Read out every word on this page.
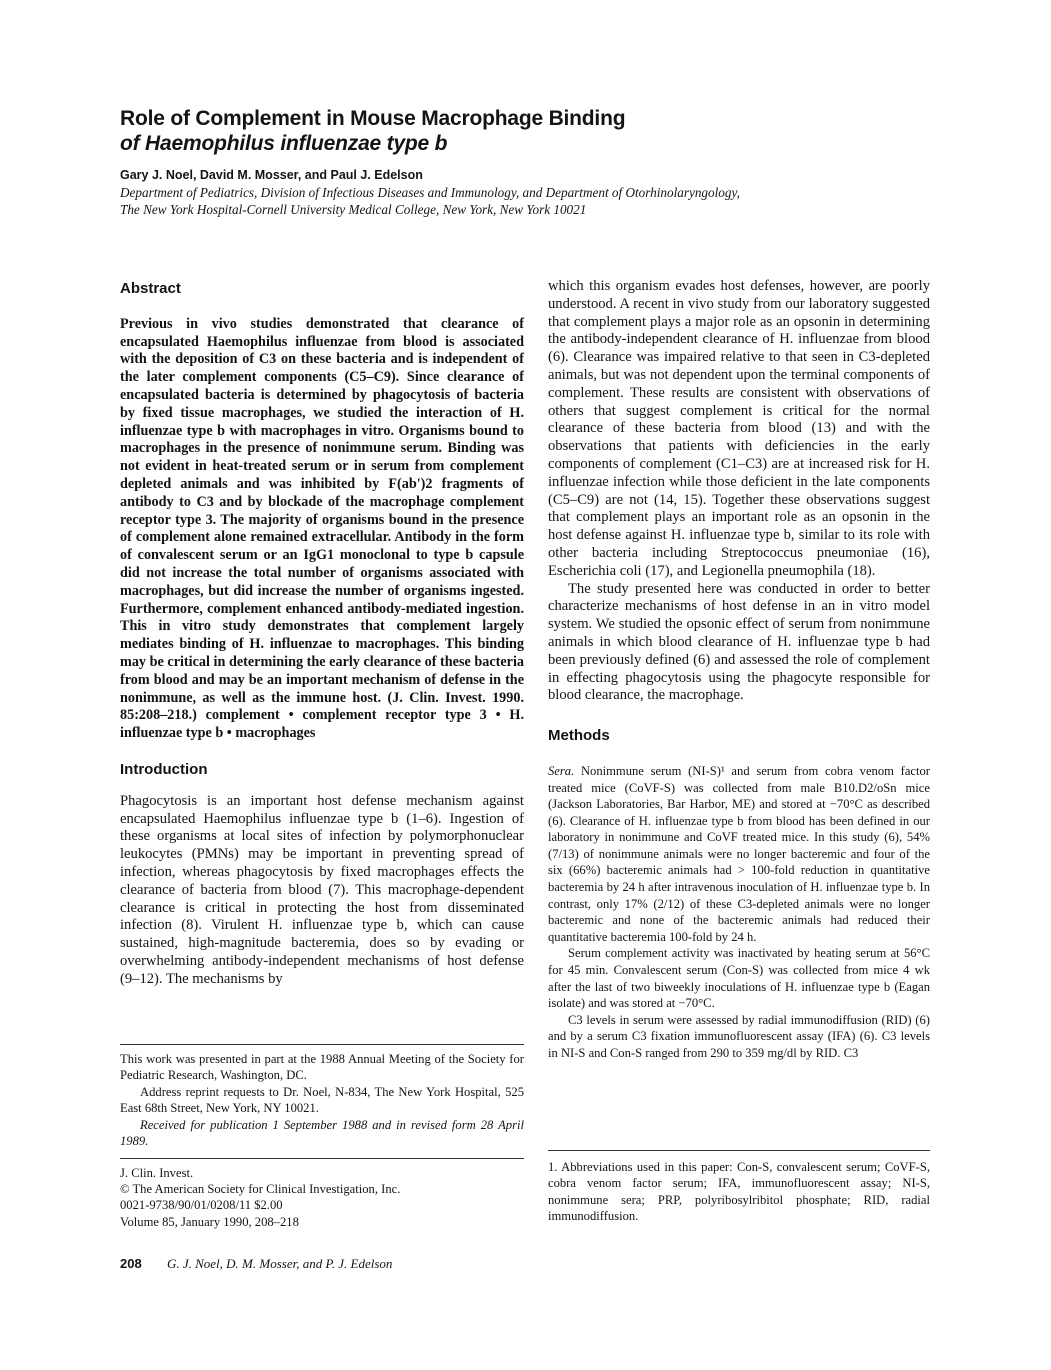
Role of Complement in Mouse Macrophage Binding
of Haemophilus influenzae type b
Gary J. Noel, David M. Mosser, and Paul J. Edelson
Department of Pediatrics, Division of Infectious Diseases and Immunology, and Department of Otorhinolaryngology,
The New York Hospital-Cornell University Medical College, New York, New York 10021
Abstract

Previous in vivo studies demonstrated that clearance of encapsulated Haemophilus influenzae from blood is associated with the deposition of C3 on these bacteria and is independent of the later complement components (C5–C9). Since clearance of encapsulated bacteria is determined by phagocytosis of bacteria by fixed tissue macrophages, we studied the interaction of H. influenzae type b with macrophages in vitro. Organisms bound to macrophages in the presence of nonimmune serum. Binding was not evident in heat-treated serum or in serum from complement depleted animals and was inhibited by F(ab')2 fragments of antibody to C3 and by blockade of the macrophage complement receptor type 3. The majority of organisms bound in the presence of complement alone remained extracellular. Antibody in the form of convalescent serum or an IgG1 monoclonal to type b capsule did not increase the total number of organisms associated with macrophages, but did increase the number of organisms ingested. Furthermore, complement enhanced antibody-mediated ingestion. This in vitro study demonstrates that complement largely mediates binding of H. influenzae to macrophages. This binding may be critical in determining the early clearance of these bacteria from blood and may be an important mechanism of defense in the nonimmune, as well as the immune host. (J. Clin. Invest. 1990. 85:208–218.) complement • complement receptor type 3 • H. influenzae type b • macrophages

Introduction

Phagocytosis is an important host defense mechanism against encapsulated Haemophilus influenzae type b (1–6). Ingestion of these organisms at local sites of infection by polymorphonuclear leukocytes (PMNs) may be important in preventing spread of infection, whereas phagocytosis by fixed macrophages effects the clearance of bacteria from blood (7). This macrophage-dependent clearance is critical in protecting the host from disseminated infection (8). Virulent H. influenzae type b, which can cause sustained, high-magnitude bacteremia, does so by evading or overwhelming antibody-independent mechanisms of host defense (9–12). The mechanisms by

which this organism evades host defenses, however, are poorly understood. A recent in vivo study from our laboratory suggested that complement plays a major role as an opsonin in determining the antibody-independent clearance of H. influenzae from blood (6). Clearance was impaired relative to that seen in C3-depleted animals, but was not dependent upon the terminal components of complement. These results are consistent with observations of others that suggest complement is critical for the normal clearance of these bacteria from blood (13) and with the observations that patients with deficiencies in the early components of complement (C1–C3) are at increased risk for H. influenzae infection while those deficient in the late components (C5–C9) are not (14, 15). Together these observations suggest that complement plays an important role as an opsonin in the host defense against H. influenzae type b, similar to its role with other bacteria including Streptococcus pneumoniae (16), Escherichia coli (17), and Legionella pneumophila (18).

The study presented here was conducted in order to better characterize mechanisms of host defense in an in vitro model system. We studied the opsonic effect of serum from nonimmune animals in which blood clearance of H. influenzae type b had been previously defined (6) and assessed the role of complement in effecting phagocytosis using the phagocyte responsible for blood clearance, the macrophage.

Methods

Sera. Nonimmune serum (NI-S)¹ and serum from cobra venom factor treated mice (CoVF-S) was collected from male B10.D2/oSn mice (Jackson Laboratories, Bar Harbor, ME) and stored at −70°C as described (6). Clearance of H. influenzae type b from blood has been defined in our laboratory in nonimmune and CoVF treated mice. In this study (6), 54% (7/13) of nonimmune animals were no longer bacteremic and four of the six (66%) bacteremic animals had > 100-fold reduction in quantitative bacteremia by 24 h after intravenous inoculation of H. influenzae type b. In contrast, only 17% (2/12) of these C3-depleted animals were no longer bacteremic and none of the bacteremic animals had reduced their quantitative bacteremia 100-fold by 24 h.

Serum complement activity was inactivated by heating serum at 56°C for 45 min. Convalescent serum (Con-S) was collected from mice 4 wk after the last of two biweekly inoculations of H. influenzae type b (Eagan isolate) and was stored at −70°C.

C3 levels in serum were assessed by radial immunodiffusion (RID) (6) and by a serum C3 fixation immunofluorescent assay (IFA) (6). C3 levels in NI-S and Con-S ranged from 290 to 359 mg/dl by RID. C3

This work was presented in part at the 1988 Annual Meeting of the Society for Pediatric Research, Washington, DC.

Address reprint requests to Dr. Noel, N-834, The New York Hospital, 525 East 68th Street, New York, NY 10021.

Received for publication 1 September 1988 and in revised form 28 April 1989.

J. Clin. Invest.
© The American Society for Clinical Investigation, Inc.
0021-9738/90/01/0208/11 $2.00
Volume 85, January 1990, 208–218

1. Abbreviations used in this paper: Con-S, convalescent serum; CoVF-S, cobra venom factor serum; IFA, immunofluorescent assay; NI-S, nonimmune sera; PRP, polyribosylribitol phosphate; RID, radial immunodiffusion.

208 G. J. Noel, D. M. Mosser, and P. J. Edelson
